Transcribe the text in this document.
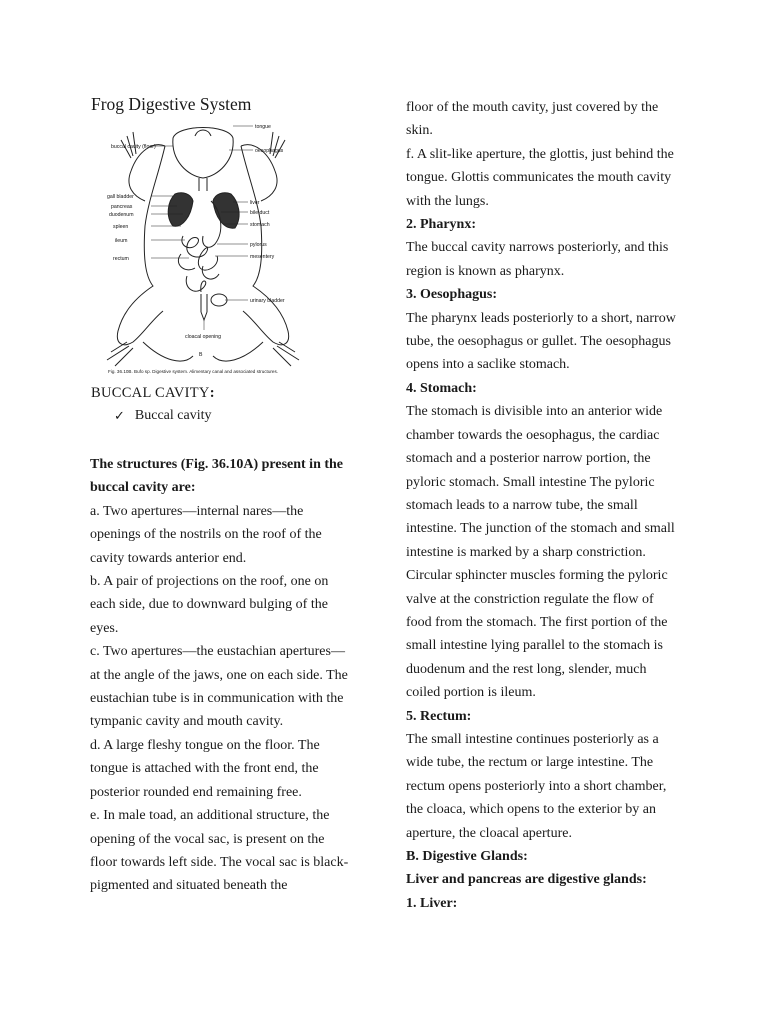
Frog Digestive System
tongue
oesophagus
liver
bile duct
stomach
pylorus
mesentery
urinary bladder
buccal cavity (floor)
gall bladder
pancreas
duodenum
spleen
ileum
rectum
cloacal opening
B
Fig. 36.10B. Bufo sp. Digestive system. Alimentary canal and associated structures.
BUCCAL CAVITY:
✓ Buccal cavity

The structures (Fig. 36.10A) present in the buccal cavity are:

a. Two apertures—internal nares—the openings of the nostrils on the roof of the cavity towards anterior end.

b. A pair of projections on the roof, one on each side, due to downward bulging of the eyes.

c. Two apertures—the eustachian apertures—at the angle of the jaws, one on each side. The eustachian tube is in communication with the tympanic cavity and mouth cavity.

d. A large fleshy tongue on the floor. The tongue is attached with the front end, the posterior rounded end remaining free.

e. In male toad, an additional structure, the opening of the vocal sac, is present on the floor towards left side. The vocal sac is black-pigmented and situated beneath the

floor of the mouth cavity, just covered by the skin.

f. A slit-like aperture, the glottis, just behind the tongue. Glottis communicates the mouth cavity with the lungs.

2. Pharynx:

The buccal cavity narrows posteriorly, and this region is known as pharynx.

3. Oesophagus:

The pharynx leads posteriorly to a short, narrow tube, the oesophagus or gullet. The oesophagus opens into a saclike stomach.

4. Stomach:

The stomach is divisible into an anterior wide chamber towards the oesophagus, the cardiac stomach and a posterior narrow portion, the pyloric stomach. Small intestine The pyloric stomach leads to a narrow tube, the small intestine. The junction of the stomach and small intestine is marked by a sharp constriction.

Circular sphincter muscles forming the pyloric valve at the constriction regulate the flow of food from the stomach. The first portion of the small intestine lying parallel to the stomach is duodenum and the rest long, slender, much coiled portion is ileum.

5. Rectum:

The small intestine continues posteriorly as a wide tube, the rectum or large intestine. The rectum opens posteriorly into a short chamber, the cloaca, which opens to the exterior by an aperture, the cloacal aperture.

B. Digestive Glands:

Liver and pancreas are digestive glands:

1. Liver:
